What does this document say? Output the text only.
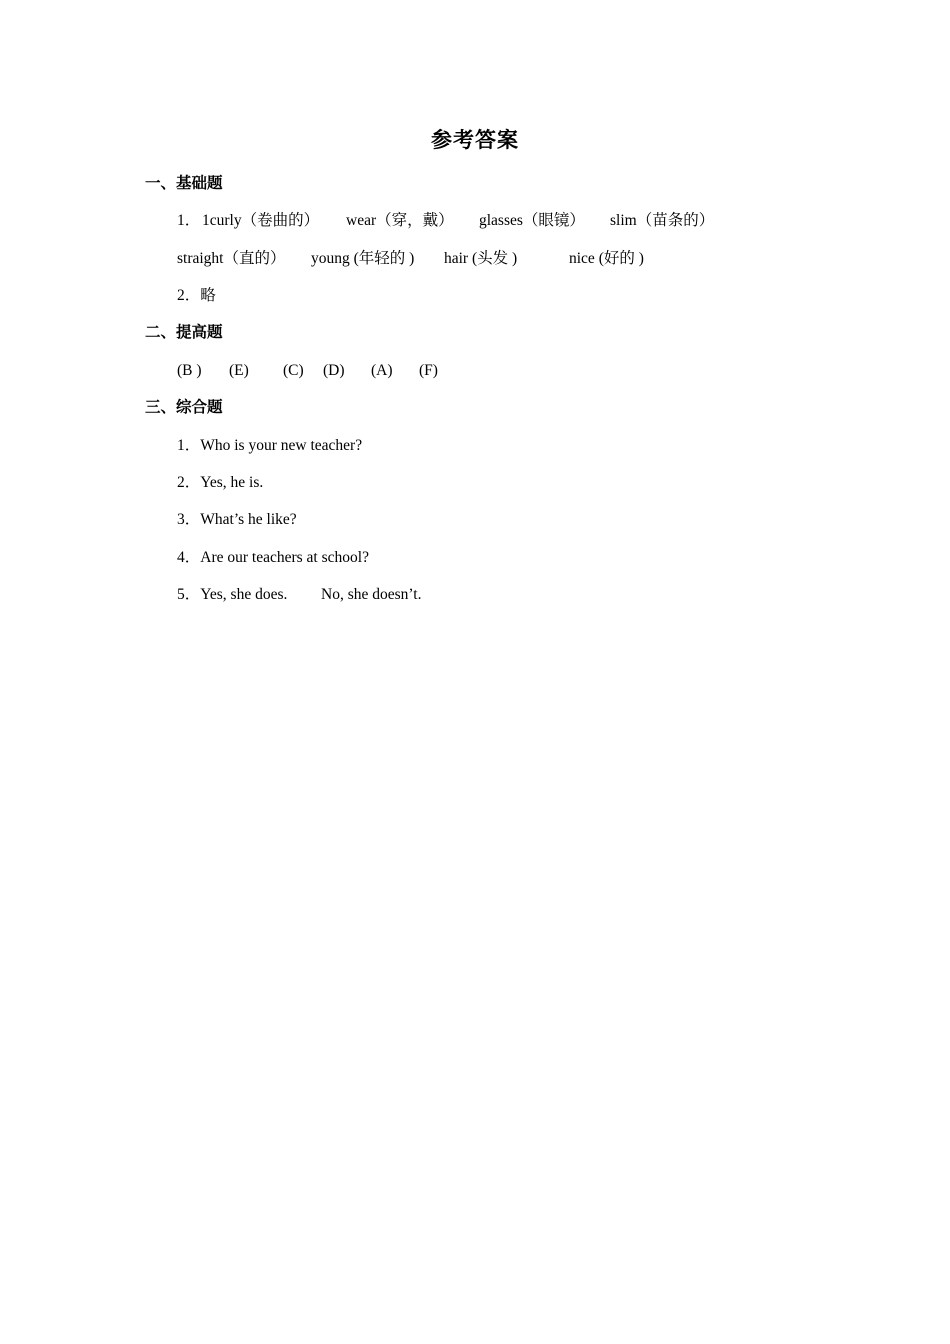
参考答案
一、基础题

1．

1curly（卷曲的）

wear（穿，戴）

glasses（眼镜）

slim（苗条的）

straight（直的）

young (年轻的 )

hair (头发 )

	nice (好的 )

2．略
二、提高题

(B )

(E)

(C)

(D)

(A)

(F)

三、综合题
1．Who is your new teacher?
2．Yes, he is.
3．What’s he like?
4．Are our teachers at school?

5．Yes, she does.

No, she doesn’t.
